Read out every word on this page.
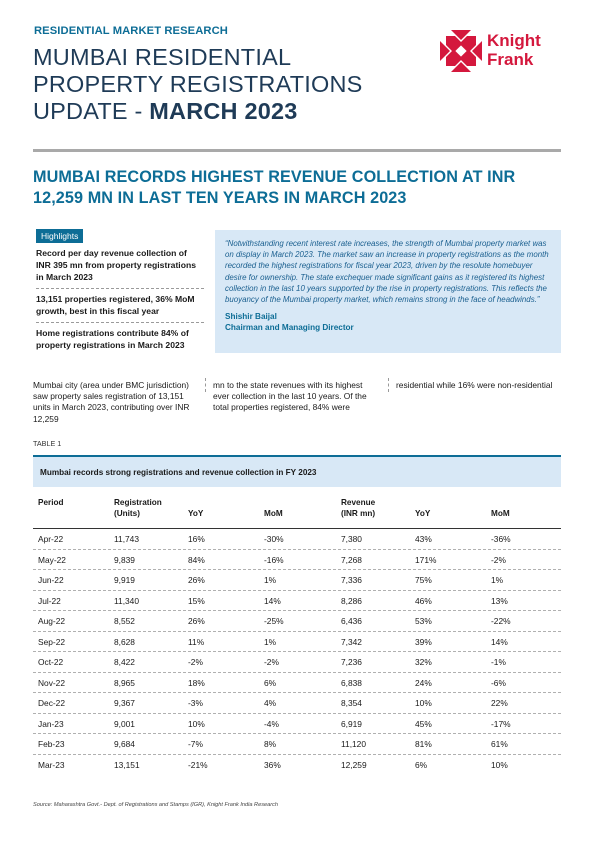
RESIDENTIAL MARKET RESEARCH
MUMBAI RESIDENTIAL
PROPERTY REGISTRATIONS
UPDATE - MARCH 2023
Knight
Frank
MUMBAI RECORDS HIGHEST REVENUE COLLECTION AT INR 12,259 MN IN LAST TEN YEARS IN MARCH 2023
Highlights
Record per day revenue collection of INR 395 mn from property registrations in March 2023
13,151 properties registered, 36% MoM growth, best in this fiscal year
Home registrations contribute 84% of property registrations in March 2023

“Notwithstanding recent interest rate increases, the strength of Mumbai property market was on display in March 2023. The market saw an increase in property registrations as the month recorded the highest registrations for fiscal year 2023, driven by the resolute homebuyer desire for ownership. The state exchequer made significant gains as it registered its highest collection in the last 10 years supported by the rise in property registrations. This reflects the buoyancy of the Mumbai property market, which remains strong in the face of headwinds.”

Shishir Baijal
Chairman and Managing Director

Mumbai city (area under BMC jurisdiction) saw property sales registration of 13,151 units in March 2023, contributing over INR 12,259

mn to the state revenues with its highest ever collection in the last 10 years. Of the total properties registered, 84% were

residential while 16% were non-residential

TABLE 1
Mumbai records strong registrations and revenue collection in FY 2023
Period	Registration
(Units)	YoY	MoM
Revenue
(INR mn)	YoY	MoM
Apr-22	11,743	16%	-30%	7,380	43%	-36%
May-22	9,839	84%	-16%	7,268	171%	-2%
Jun-22	9,919	26%	1%	7,336	75%	1%
Jul-22	11,340	15%	14%	8,286	46%	13%
Aug-22	8,552	26%	-25%	6,436	53%	-22%
Sep-22	8,628	11%	1%	7,342	39%	14%
Oct-22	8,422	-2%	-2%	7,236	32%	-1%
Nov-22	8,965	18%	6%	6,838	24%	-6%
Dec-22	9,367	-3%	4%	8,354	10%	22%
Jan-23	9,001	10%	-4%	6,919	45%	-17%
Feb-23	9,684	-7%	8%	11,120	81%	61%
Mar-23	13,151	-21%	36%	12,259	6%	10%
Source: Maharashtra Govt.- Dept. of Registrations and Stamps (IGR), Knight Frank India Research
